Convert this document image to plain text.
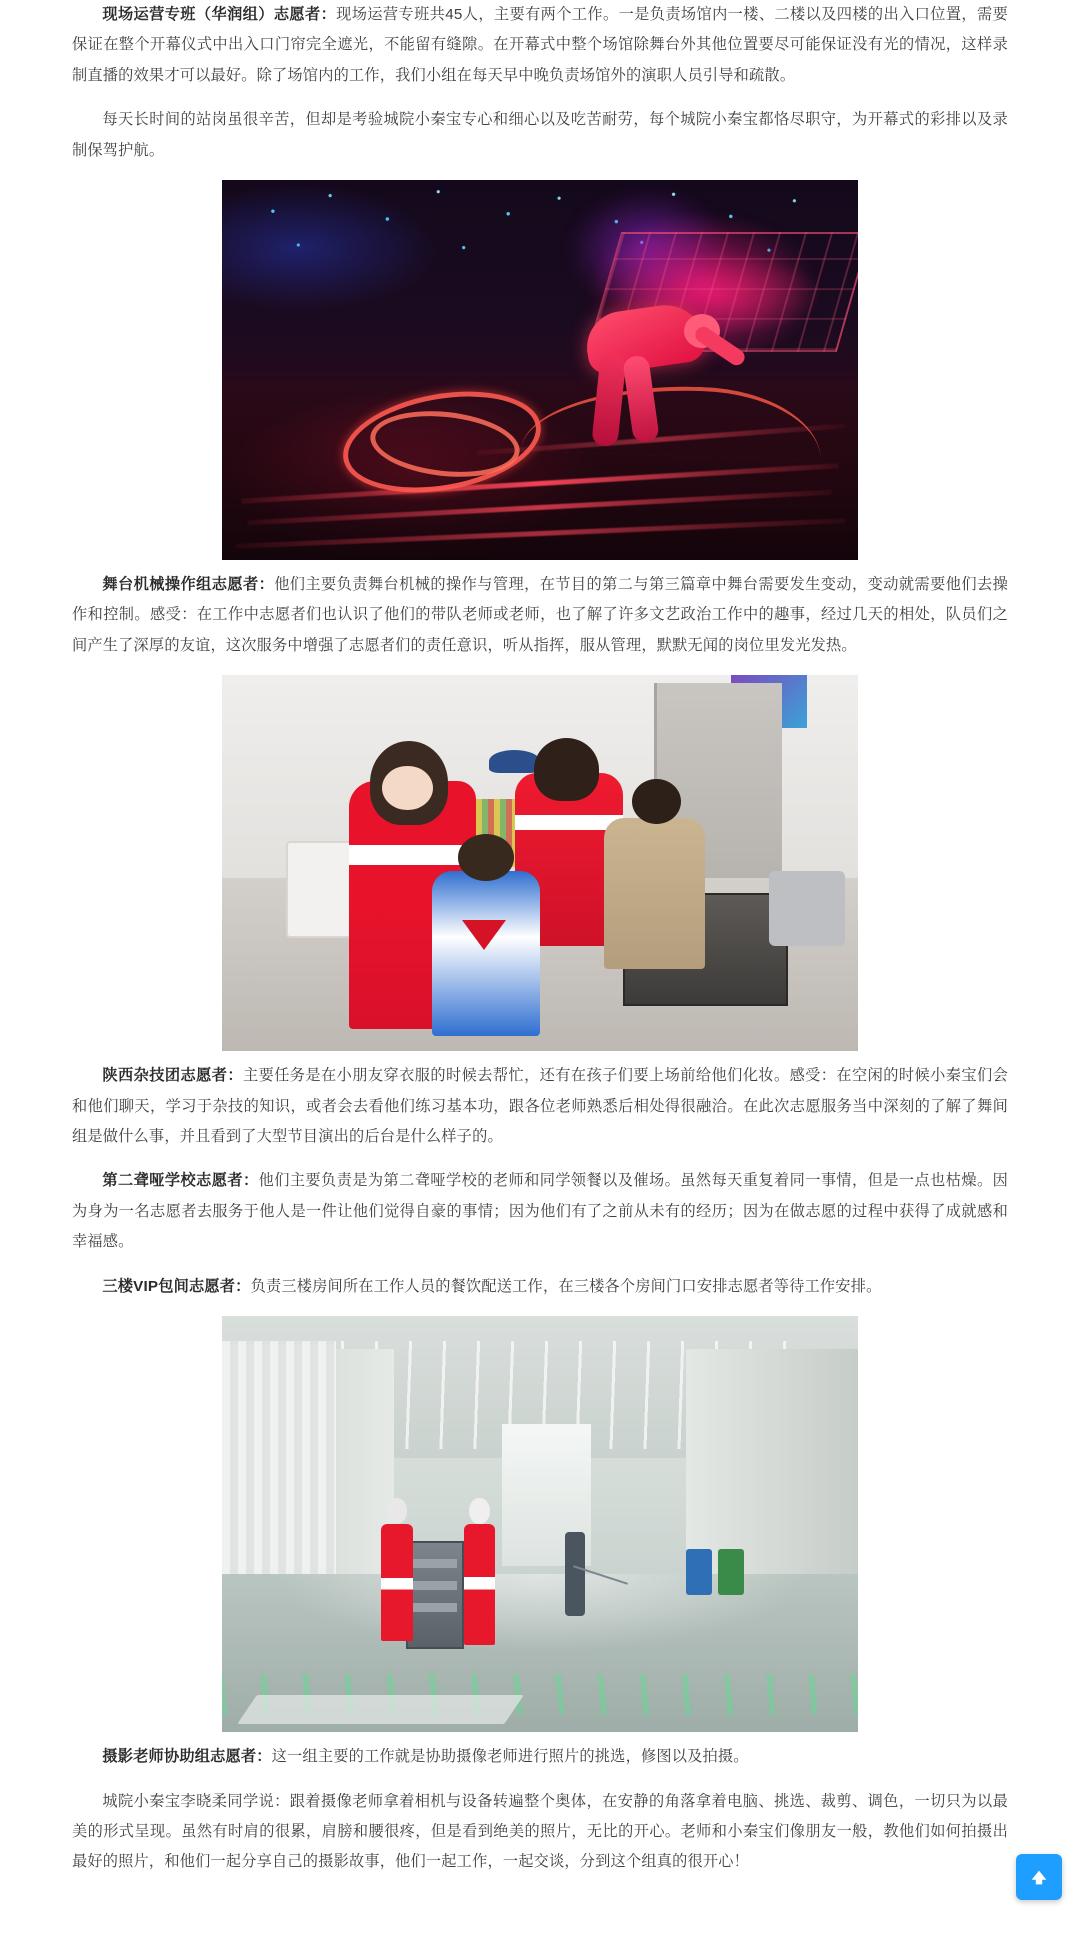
现场运营专班（华润组）志愿者：现场运营专班共45人，主要有两个工作。一是负责场馆内一楼、二楼以及四楼的出入口位置，需要保证在整个开幕仪式中出入口门帘完全遮光，不能留有缝隙。在开幕式中整个场馆除舞台外其他位置要尽可能保证没有光的情况，这样录制直播的效果才可以最好。除了场馆内的工作，我们小组在每天早中晚负责场馆外的演职人员引导和疏散。

每天长时间的站岗虽很辛苦，但却是考验城院小秦宝专心和细心以及吃苦耐劳，每个城院小秦宝都恪尽职守，为开幕式的彩排以及录制保驾护航。

舞台机械操作组志愿者：他们主要负责舞台机械的操作与管理，在节目的第二与第三篇章中舞台需要发生变动，变动就需要他们去操作和控制。感受：在工作中志愿者们也认识了他们的带队老师或老师，也了解了许多文艺政治工作中的趣事，经过几天的相处，队员们之间产生了深厚的友谊，这次服务中增强了志愿者们的责任意识，听从指挥，服从管理，默默无闻的岗位里发光发热。

陕西杂技团志愿者：主要任务是在小朋友穿衣服的时候去帮忙，还有在孩子们要上场前给他们化妆。感受：在空闲的时候小秦宝们会和他们聊天，学习于杂技的知识，或者会去看他们练习基本功，跟各位老师熟悉后相处得很融洽。在此次志愿服务当中深刻的了解了舞间组是做什么事，并且看到了大型节目演出的后台是什么样子的。

第二聋哑学校志愿者：他们主要负责是为第二聋哑学校的老师和同学领餐以及催场。虽然每天重复着同一事情，但是一点也枯燥。因为身为一名志愿者去服务于他人是一件让他们觉得自豪的事情；因为他们有了之前从未有的经历；因为在做志愿的过程中获得了成就感和幸福感。

三楼VIP包间志愿者：负责三楼房间所在工作人员的餐饮配送工作，在三楼各个房间门口安排志愿者等待工作安排。

摄影老师协助组志愿者：这一组主要的工作就是协助摄像老师进行照片的挑选，修图以及拍摄。

城院小秦宝李晓柔同学说：跟着摄像老师拿着相机与设备转遍整个奥体，在安静的角落拿着电脑、挑选、裁剪、调色，一切只为以最美的形式呈现。虽然有时肩的很累，肩膀和腰很疼，但是看到绝美的照片，无比的开心。老师和小秦宝们像朋友一般，教他们如何拍摄出最好的照片，和他们一起分享自己的摄影故事，他们一起工作，一起交谈，分到这个组真的很开心！
